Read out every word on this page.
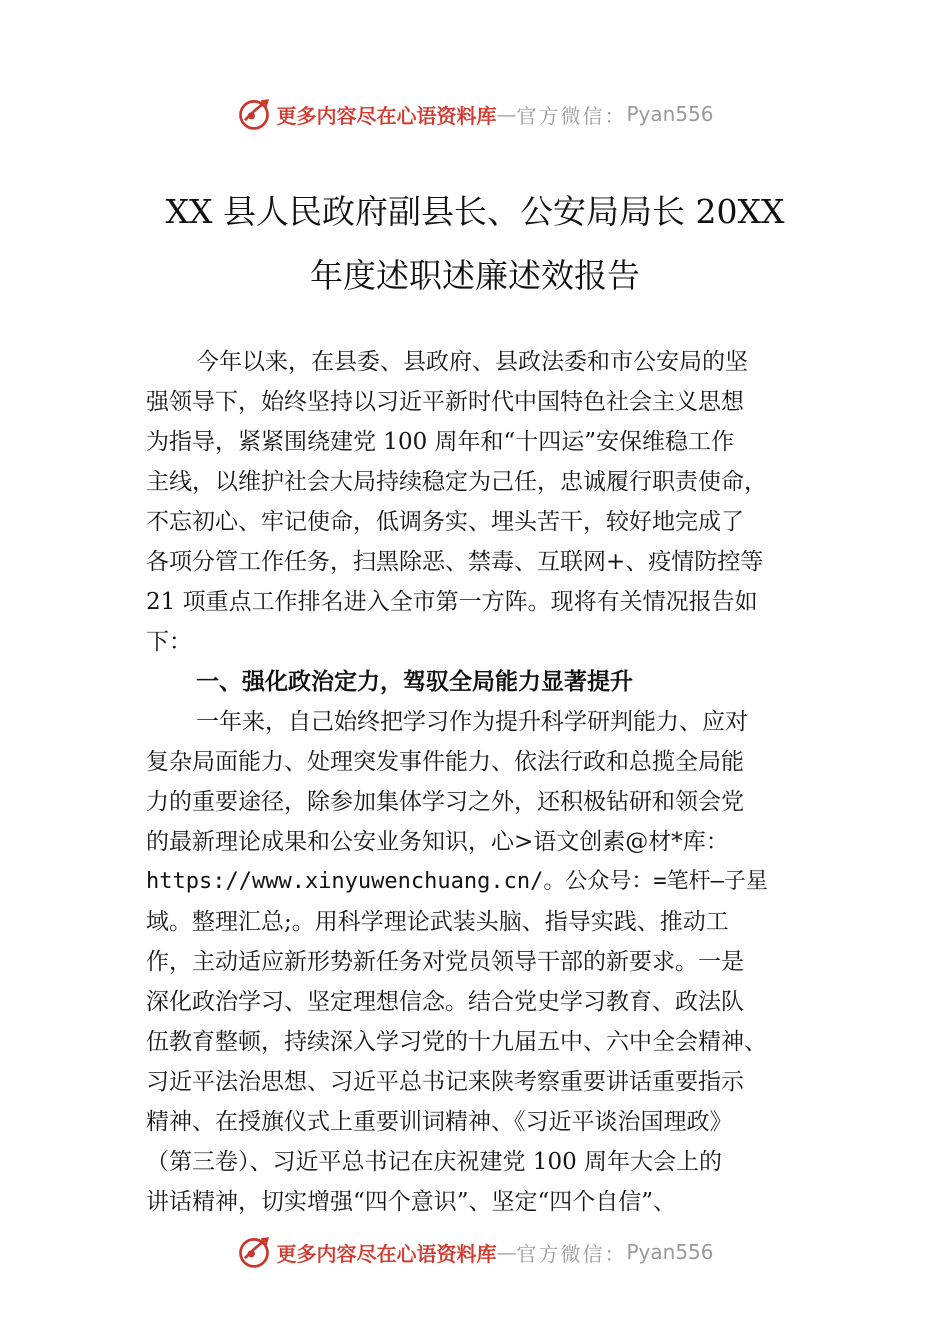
更多内容尽在心语资料库 — 官方微信： Pyan556
XX 县人民政府副县长、公安局局长 20XX
年度述职述廉述效报告
今年以来，在县委、县政府、县政法委和市公安局的坚
强领导下，始终坚持以习近平新时代中国特色社会主义思想
为指导，紧紧围绕建党 100 周年和“十四运”安保维稳工作
主线，以维护社会大局持续稳定为己任，忠诚履行职责使命，
不忘初心、牢记使命，低调务实、埋头苦干，较好地完成了
各项分管工作任务，扫黑除恶、禁毒、互联网+、疫情防控等
21 项重点工作排名进入全市第一方阵。现将有关情况报告如
下：
一、强化政治定力，驾驭全局能力显著提升
一年来，自己始终把学习作为提升科学研判能力、应对
复杂局面能力、处理突发事件能力、依法行政和总揽全局能
力的重要途径，除参加集体学习之外，还积极钻研和领会党
的最新理论成果和公安业务知识，心>语文创素@材*库：
https://www.xinyuwenchuang.cn/。公众号：=笔杆—子星
域。整理汇总;。用科学理论武装头脑、指导实践、推动工
作，主动适应新形势新任务对党员领导干部的新要求。一是
深化政治学习、坚定理想信念。结合党史学习教育、政法队
伍教育整顿，持续深入学习党的十九届五中、六中全会精神、
习近平法治思想、习近平总书记来陕考察重要讲话重要指示
精神、在授旗仪式上重要训词精神、《习近平谈治国理政》
（第三卷）、习近平总书记在庆祝建党 100 周年大会上的
讲话精神，切实增强“四个意识”、坚定“四个自信”、
更多内容尽在心语资料库 — 官方微信： Pyan556
